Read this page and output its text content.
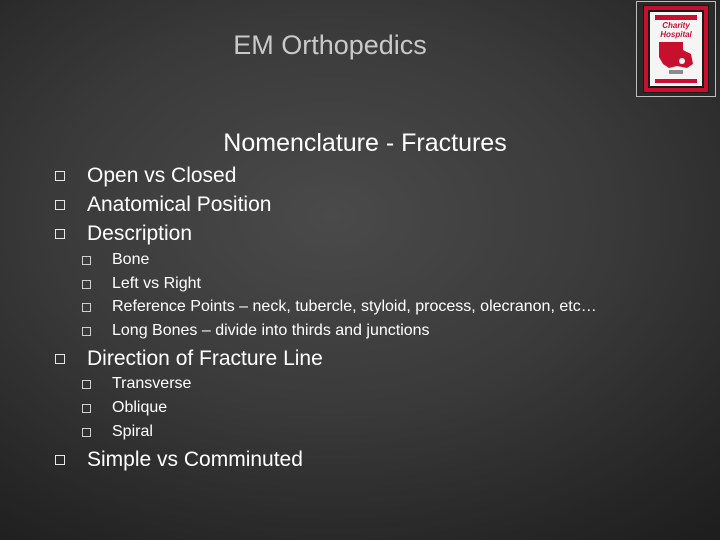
EM Orthopedics
Charity
Hospital
Nomenclature - Fractures
Open vs Closed
Anatomical Position
Description
Bone
Left vs Right
Reference Points – neck, tubercle, styloid, process, olecranon, etc…
Long Bones – divide into thirds and junctions
Direction of Fracture Line
Transverse
Oblique
Spiral
Simple vs Comminuted
